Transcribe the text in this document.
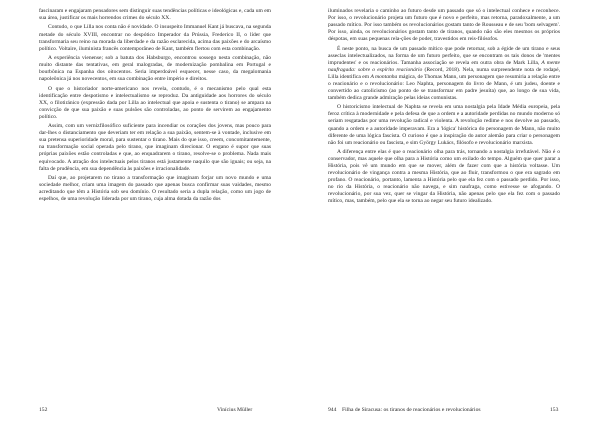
fascinaram e engajaram pensadores sem distinguir suas tendências políticas e ideológicas e, cada um em sua área, justificar os mais horrendos crimes do século XX.

Contudo, o que Lilla nos conta não é novidade. O insuspeito Immanuel Kant já buscava, na segunda metade do século XVIII, encontrar no despótico Imperador da Prússia, Frederico II, o líder que transformaria seu reino na morada da liberdade e da razão esclarecida, acima das paixões e do arcaísmo político. Voltaire, iluminista francês contemporâneo de Kant, também flertou com esta combinação.

A experiência vienense; sob a batuta dos Habsburgo, encontrou sossego nesta combinação, não muito distante das tentativas, em geral malogradas, de modernização pombalina em Portugal e bourbônica na Espanha dos oitocentos. Seria imperdoável esquecer, nesse caso, da megalomania napoleônica já nos novecentos, em sua combinação entre império e direitos.

O que o historiador norte-americano nos revela, contudo, é o mecanismo pelo qual esta identificação entre despotismo e intelectualismo se reproduz. Da antiguidade aos horrores do século XX, o filotiránico (expressão dada por Lilla ao intelectual que apoia e sustenta o tirano) se ampara na convicção de que sua paixão e suas pulsões são controladas, ao ponto de servirem ao engajamento político.

Assim, com um vernizfilosófico suficiente para incendiar os corações dos jovens, mas pouco para dar-lhes o distanciamento que deveriam ter em relação a sua paixão, sentem-se à vontade, inclusive em sua pretensa superioridade moral, para sustentar o tirano. Mais do que isso, creem, concomitantemente, na transformação social operada pelo tirano, que imaginam direcionar. O engano é supor que suas próprias paixões estão controladas e que, ao enquadrarem o tirano, resolve-se o problema. Nada mais equivocado. A atração dos intelectuais pelos tiranos está justamente naquilo que são iguais; ou seja, na falta de prudência, em sua dependência às paixões e irracionalidade.

Daí que, ao projetarem no tirano a transformação que imaginam forjar um novo mundo e uma sociedade melhor, criam uma imagem do passado que apenas busca confirmar suas vaidades, mesmo acreditando que têm a História sob seu domínio. O resultado seria a dupla relação, como um jogo de espelhos, de uma revolução liderada por um tirano, cuja alma dotada da razão dos

152	Vinícius Müller

iluminados revelaria o caminho ao futuro desde um passado que só o intelectual conhece e reconhece. Por isso, o revolucionário projeta um futuro que é novo e perfeito, mas retorna, paradoxalmente, a um passado mítico. Por isso também os revolucionários gostam tanto de Rousseau e de seu 'bom selvagem'. Por isso, ainda, os revolucionários gostam tanto de tiranos, quando não são eles mesmos os próprios déspotas, em suas pequenas rela-ções de poder, travestidos em reis-filósofos.

É neste ponto, na busca de um passado mítico que pode retornar, sob a égide de um tirano e seus asseclas intelectualizados, na forma de um futuro perfeito, que se encontram os tais donos de 'mentes imprudentes' e os reacionários. Tamanha associação se revela em outra obra de Mark Lilla, A mente naufragada: sobre o espírito reacionário (Record, 2018). Nela, numa surpreendente nota de rodapé, Lilla identifica em A montanha mágica, de Thomas Mann, um personagem que resumiria a relação entre o reacionário e o revolucionário: Leo Naphta, personagem do livro de Mann, é um judeu, doente e convertido ao catolicismo (ao ponto de se transformar em padre jesuíta) que, ao longo de sua vida, também dedica grande admiração pelas ideias comunistas.

O historicismo intelectual de Naphta se revela em uma nostalgia pela Idade Média europeia, pela feroz crítica à modernidade e pela defesa de que a ordem e a autoridade perdidas no mundo moderno só seriam resgatadas por uma revolução radical e violenta. A revolução redime e nos devolve ao passado, quando a ordem e a autoridade imperavam. Era a 'lógica' histórica do personagem de Mann, não muito diferente de uma lógica fascista. O curioso é que a inspiração do autor alemão para criar o personagem não foi um reacionário ou fascista, e sim György Lukács, filósofo e revolucionário marxista.

A diferença entre elas é que o reacionário olha para trás, tornando a nostalgia irrefutável. Não é o conservador, mas aquele que olha para a História como um exilado do tempo. Alguém que quer parar a História, pois vê um mundo em que se mover, além de fazer com que a história voltasse. Um revolucionário de vingança contra a mesma História, que ao fluir, transformou o que era sagrado em profano. O reacionário, portanto, lamenta a História pelo que ela fez com o passado perdido. Por isso, no rio da História, o reacionário não navega, e sim naufraga, como estivesse se afogando. O revolucionário, por sua vez, quer se vingar da História, não apenas pelo que ela fez com o passado mítico, mas, também, pelo que ela se torna ao negar seu futuro idealizado.

944 Filha de Siracusa: os tiranos de reacionários e revolucionários	153
